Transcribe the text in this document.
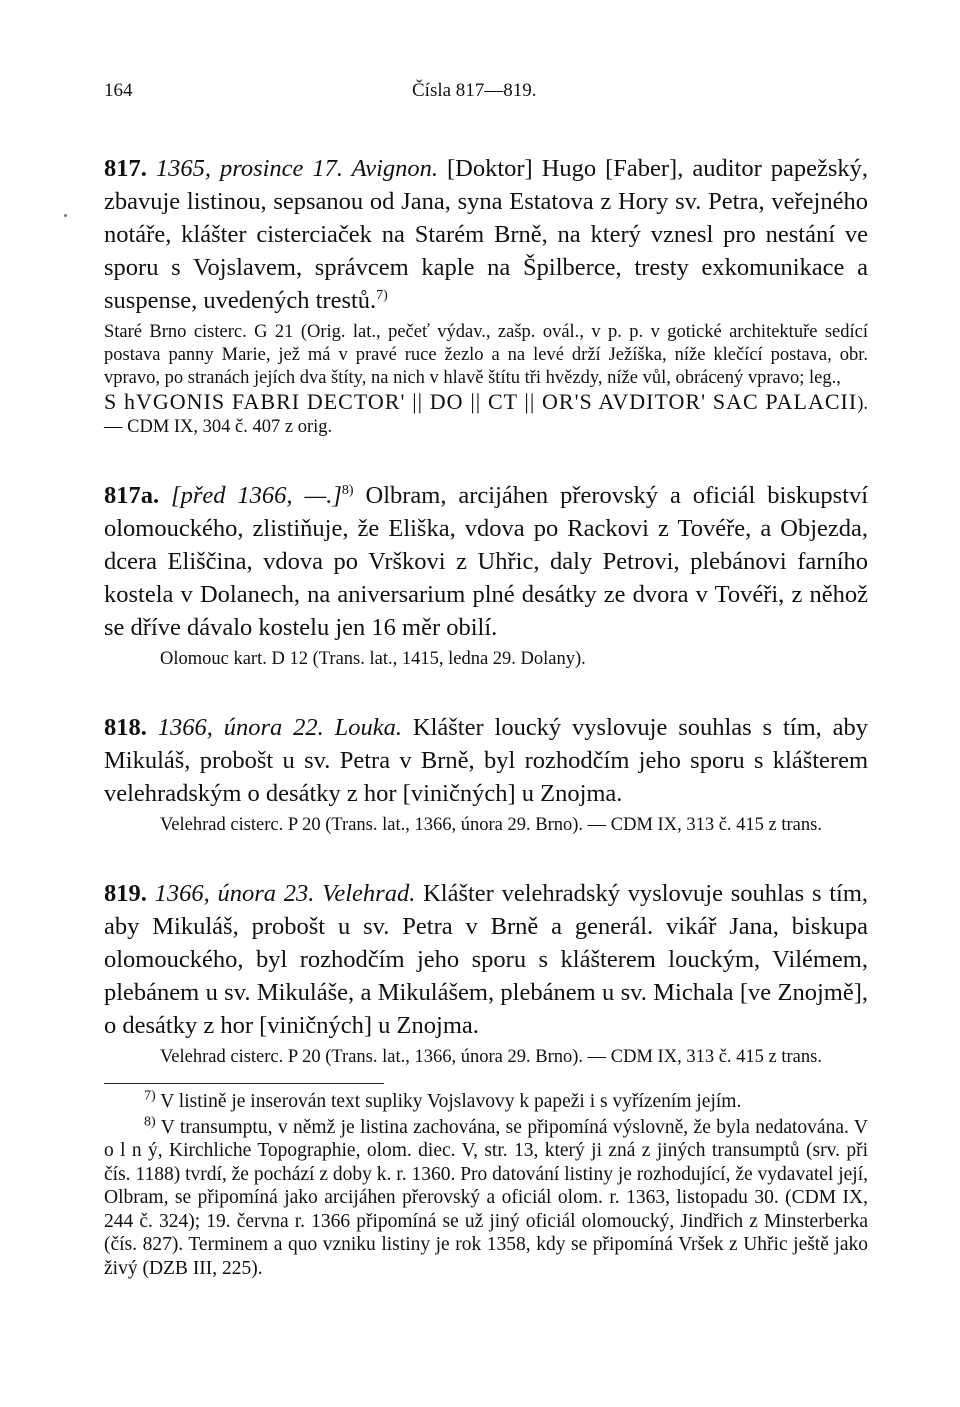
164	Čísla 817—819.

817. 1365, prosince 17. Avignon. [Doktor] Hugo [Faber], auditor papežský, zbavuje listinou, sepsanou od Jana, syna Estatova z Hory sv. Petra, veřejného notáře, klášter cisterciaček na Starém Brně, na který vznesl pro nestání ve sporu s Vojslavem, správcem kaple na Špilberce, tresty exkomunikace a suspense, uvedených trestů.$^{7)}$

Staré Brno cisterc. G 21 (Orig. lat., pečeť výdav., zašp. ovál., v p. p. v gotické architektuře sedící postava panny Marie, jež má v pravé ruce žezlo a na levé drží Ježíška, níže klečící postava, obr. vpravo, po stranách jejích dva štíty, na nich v hlavě štítu tři hvězdy, níže vůl, obrácený vpravo; leg.,
S hVGONIS FABRI DECTOR' || DO || CT || OR'S AVDITOR' SAC PALACII). — CDM IX, 304 č. 407 z orig.

817a. [před 1366, —.]$^{8)}$ Olbram, arcijáhen přerovský a oficiál biskupství olomouckého, zlistiňuje, že Eliška, vdova po Rackovi z Tovéře, a Objezda, dcera Eliščina, vdova po Vrškovi z Uhřic, daly Petrovi, plebánovi farního kostela v Dolanech, na aniversarium plné desátky ze dvora v Tovéři, z něhož se dříve dávalo kostelu jen 16 měr obilí.

Olomouc kart. D 12 (Trans. lat., 1415, ledna 29. Dolany).

818. 1366, února 22. Louka. Klášter loucký vyslovuje souhlas s tím, aby Mikuláš, probošt u sv. Petra v Brně, byl rozhodčím jeho sporu s klášterem velehradským o desátky z hor [viničných] u Znojma.

Velehrad cisterc. P 20 (Trans. lat., 1366, února 29. Brno). — CDM IX, 313 č. 415 z trans.

819. 1366, února 23. Velehrad. Klášter velehradský vyslovuje souhlas s tím, aby Mikuláš, probošt u sv. Petra v Brně a generál. vikář Jana, biskupa olomouckého, byl rozhodčím jeho sporu s klášterem louckým, Vilémem, plebánem u sv. Mikuláše, a Mikulášem, plebánem u sv. Michala [ve Znojmě], o desátky z hor [viničných] u Znojma.

Velehrad cisterc. P 20 (Trans. lat., 1366, února 29. Brno). — CDM IX, 313 č. 415 z trans.

$^{7)}$ V listině je inserován text supliky Vojslavovy k papeži i s vyřízením jejím.

$^{8)}$ V transumptu, v němž je listina zachována, se připomíná výslovně, že byla nedatována. V o l n ý, Kirchliche Topographie, olom. diec. V, str. 13, který ji zná z jiných transumptů (srv. při čís. 1188) tvrdí, že pochází z doby k. r. 1360. Pro datování listiny je rozhodující, že vydavatel její, Olbram, se připomíná jako arcijáhen přerovský a oficiál olom. r. 1363, listopadu 30. (CDM IX, 244 č. 324); 19. června r. 1366 připomíná se už jiný oficiál olomoucký, Jindřich z Minsterberka (čís. 827). Terminem a quo vzniku listiny je rok 1358, kdy se připomíná Vršek z Uhřic ještě jako živý (DZB III, 225).
